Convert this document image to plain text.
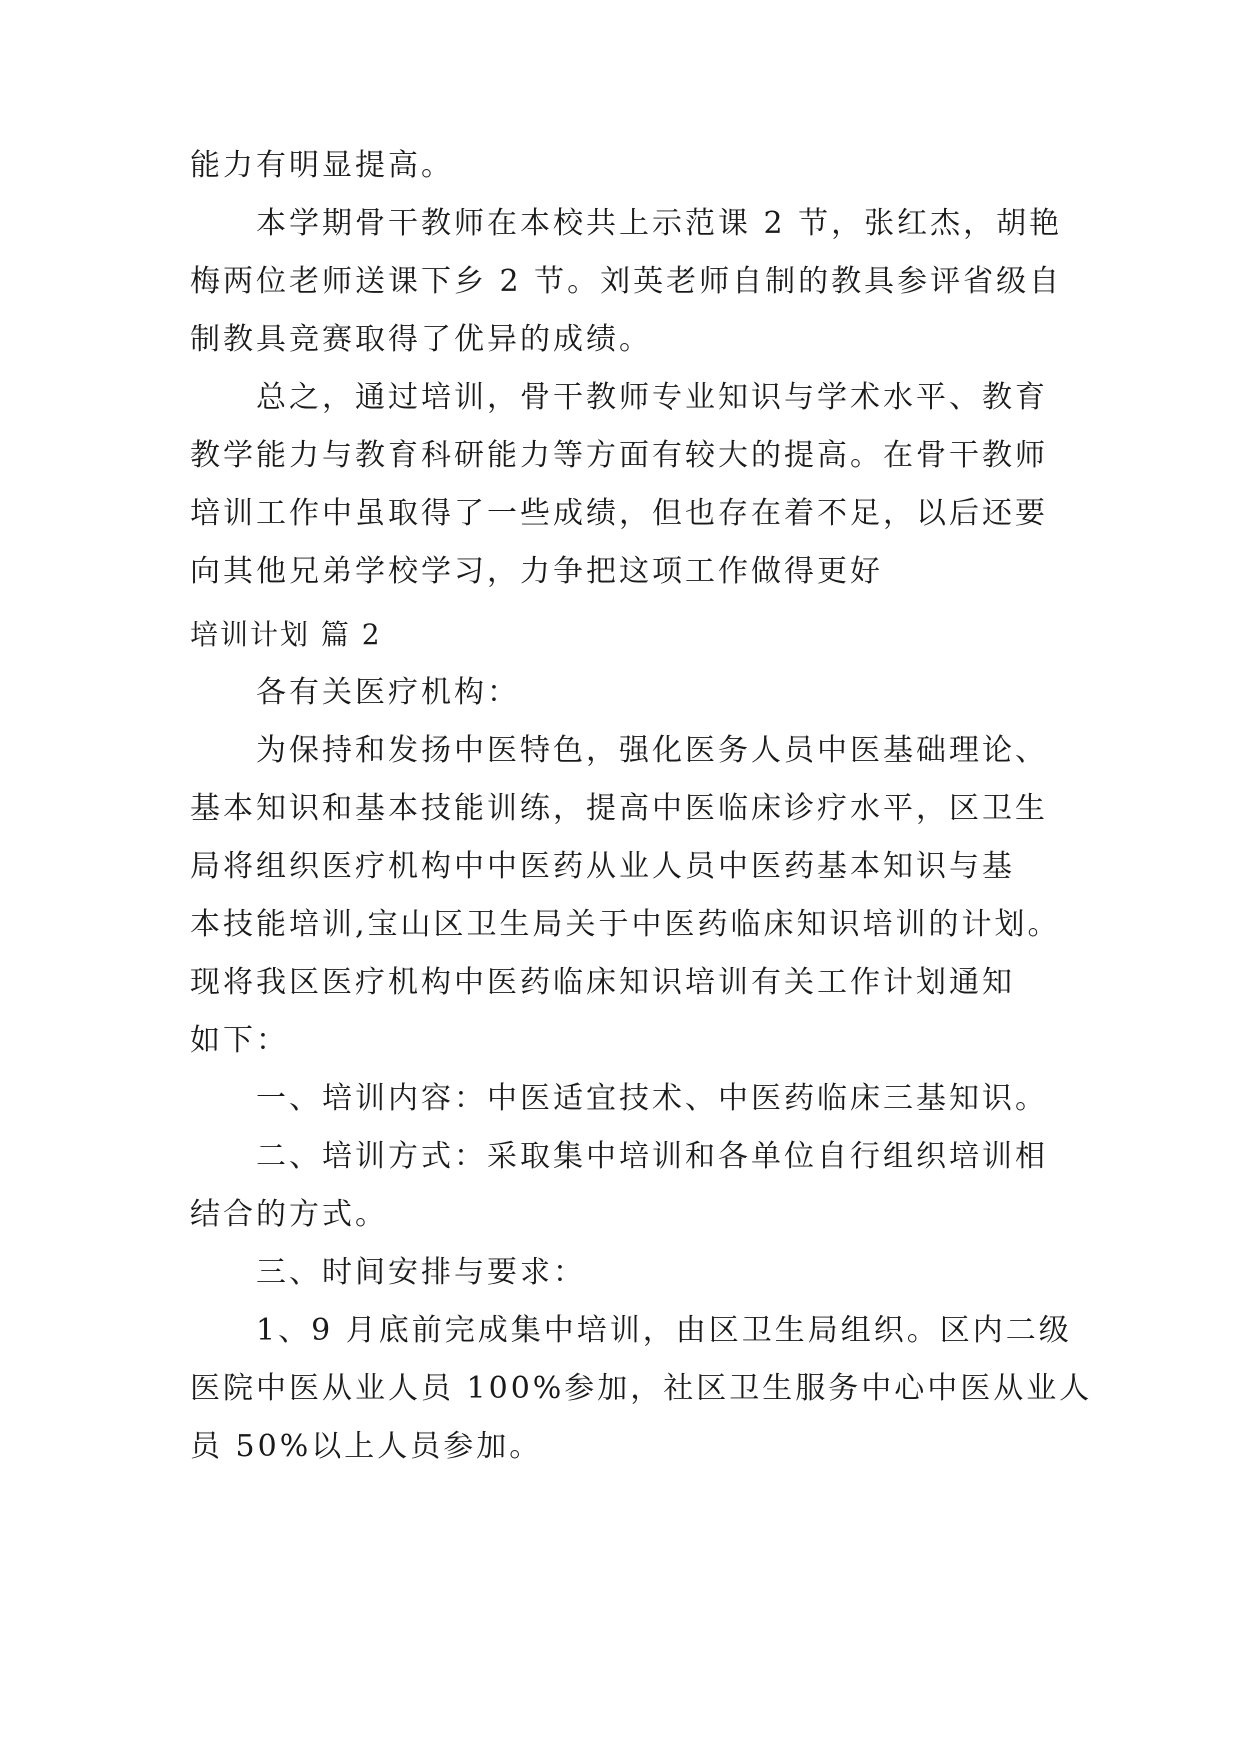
能力有明显提高。
本学期骨干教师在本校共上示范课 2 节，张红杰，胡艳
梅两位老师送课下乡 2 节。刘英老师自制的教具参评省级自
制教具竞赛取得了优异的成绩。
总之，通过培训，骨干教师专业知识与学术水平、教育
教学能力与教育科研能力等方面有较大的提高。在骨干教师
培训工作中虽取得了一些成绩，但也存在着不足，以后还要
向其他兄弟学校学习，力争把这项工作做得更好
培训计划 篇 2
各有关医疗机构：
为保持和发扬中医特色，强化医务人员中医基础理论、
基本知识和基本技能训练，提高中医临床诊疗水平，区卫生
局将组织医疗机构中中医药从业人员中医药基本知识与基
本技能培训,宝山区卫生局关于中医药临床知识培训的计划。
现将我区医疗机构中医药临床知识培训有关工作计划通知
如下：
一、培训内容：中医适宜技术、中医药临床三基知识。
二、培训方式：采取集中培训和各单位自行组织培训相
结合的方式。
三、时间安排与要求：
1、9 月底前完成集中培训，由区卫生局组织。区内二级
医院中医从业人员 100%参加，社区卫生服务中心中医从业人
员 50%以上人员参加。
